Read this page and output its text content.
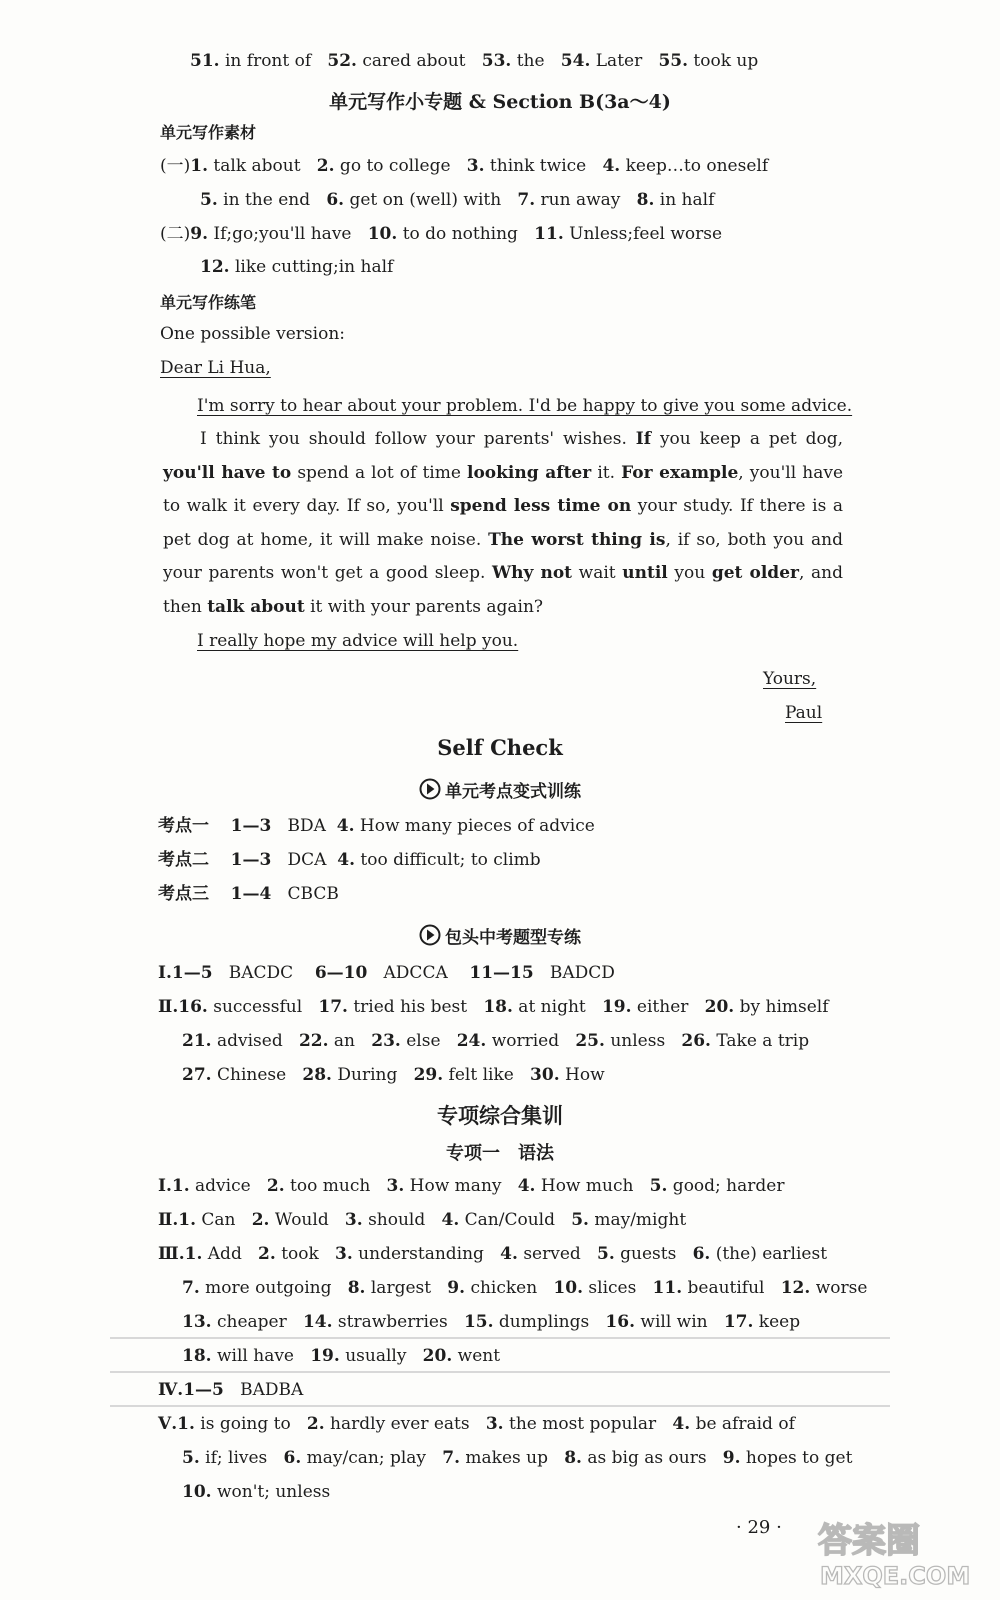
51. in front of 52. cared about 53. the 54. Later 55. took up
单元写作小专题 & Section B(3a～4)
单元写作素材
(一)1. talk about 2. go to college 3. think twice 4. keep…to oneself
5. in the end 6. get on (well) with 7. run away 8. in half
(二)9. If;go;you'll have 10. to do nothing 11. Unless;feel worse
12. like cutting;in half
单元写作练笔
One possible version:
Dear Li Hua,
I'm sorry to hear about your problem. I'd be happy to give you some advice.
I think you should follow your parents' wishes. If you keep a pet dog, you'll have to spend a lot of time looking after it. For example, you'll have to walk it every day. If so, you'll spend less time on your study. If there is a pet dog at home, it will make noise. The worst thing is, if so, both you and your parents won't get a good sleep. Why not wait until you get older, and then talk about it with your parents again?
I really hope my advice will help you.
Yours,
Paul
Self Check
单元考点变式训练
考点一 1—3 BDA 4. How many pieces of advice
考点二 1—3 DCA 4. too difficult; to climb
考点三 1—4 CBCB
包头中考题型专练
Ⅰ.1—5   BACDC 6—10   ADCCA 11—15   BADCD
Ⅱ.16. successful 17. tried his best 18. at night 19. either 20. by himself
21. advised 22. an 23. else 24. worried 25. unless 26. Take a trip
27. Chinese 28. During 29. felt like 30. How
专项综合集训
专项一　语法
Ⅰ.1. advice 2. too much 3. How many 4. How much 5. good; harder
Ⅱ.1. Can 2. Would 3. should 4. Can/Could 5. may/might
Ⅲ.1. Add 2. took 3. understanding 4. served 5. guests 6. (the) earliest
7. more outgoing 8. largest 9. chicken 10. slices 11. beautiful 12. worse
13. cheaper 14. strawberries 15. dumplings 16. will win 17. keep
18. will have 19. usually 20. went
Ⅳ.1—5   BADBA
Ⅴ.1. is going to 2. hardly ever eats 3. the most popular 4. be afraid of
5. if; lives 6. may/can; play 7. makes up 8. as big as ours 9. hopes to get
10. won't; unless
· 29 · 答案圈
MXQE.COM
